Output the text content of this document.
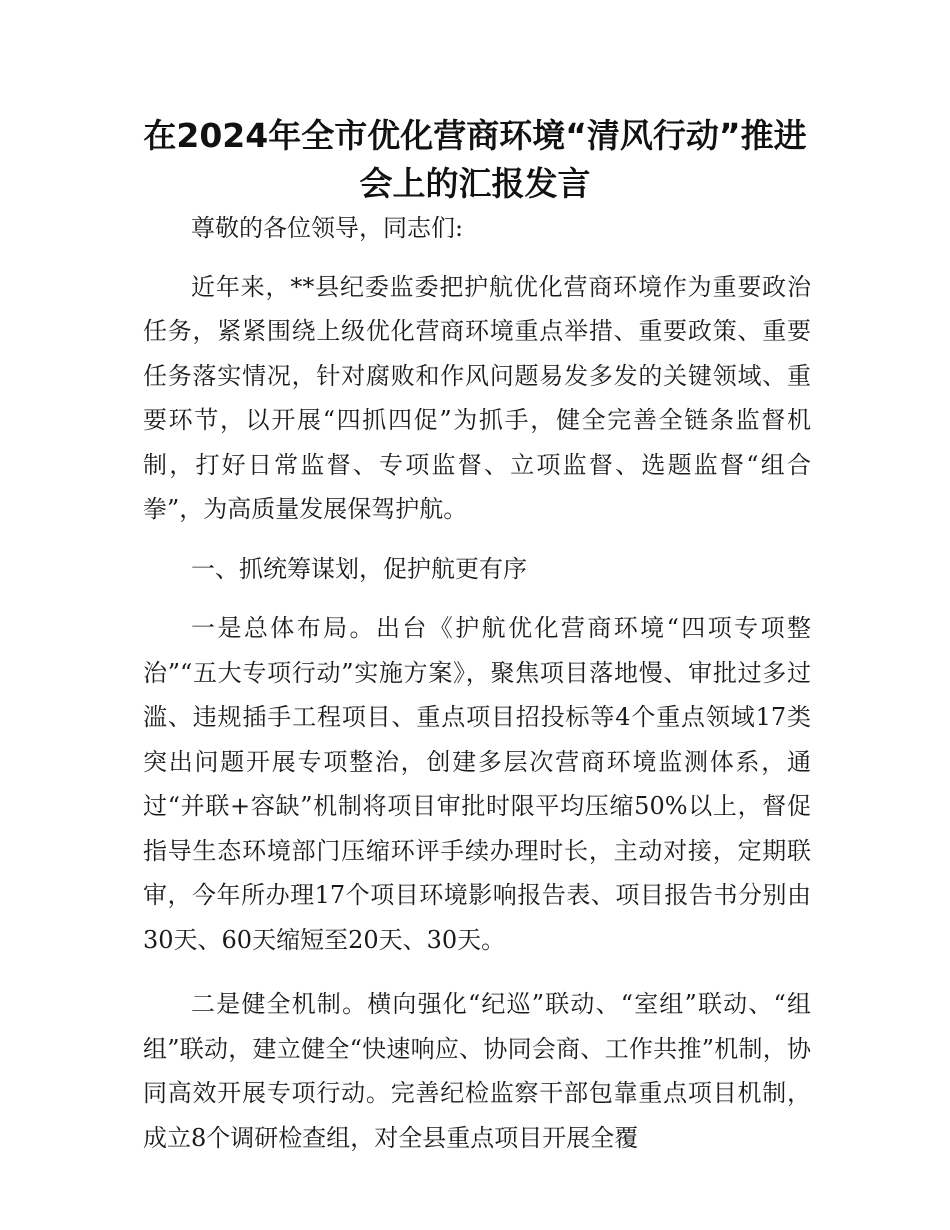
在2024年全市优化营商环境“清风行动”推进
会上的汇报发言

尊敬的各位领导，同志们:

近年来，**县纪委监委把护航优化营商环境作为重要政治任务，紧紧围绕上级优化营商环境重点举措、重要政策、重要任务落实情况，针对腐败和作风问题易发多发的关键领域、重要环节，以开展“四抓四促”为抓手，健全完善全链条监督机制，打好日常监督、专项监督、立项监督、选题监督“组合拳”，为高质量发展保驾护航。

一、抓统筹谋划，促护航更有序

一是总体布局。出台《护航优化营商环境“四项专项整治”“五大专项行动”实施方案》，聚焦项目落地慢、审批过多过滥、违规插手工程项目、重点项目招投标等4个重点领域17类突出问题开展专项整治，创建多层次营商环境监测体系，通过“并联+容缺”机制将项目审批时限平均压缩50%以上，督促指导生态环境部门压缩环评手续办理时长，主动对接，定期联审，今年所办理17个项目环境影响报告表、项目报告书分别由30天、60天缩短至20天、30天。

二是健全机制。横向强化“纪巡”联动、“室组”联动、“组组”联动，建立健全“快速响应、协同会商、工作共推”机制，协同高效开展专项行动。完善纪检监察干部包靠重点项目机制，成立8个调研检查组，对全县重点项目开展全覆
